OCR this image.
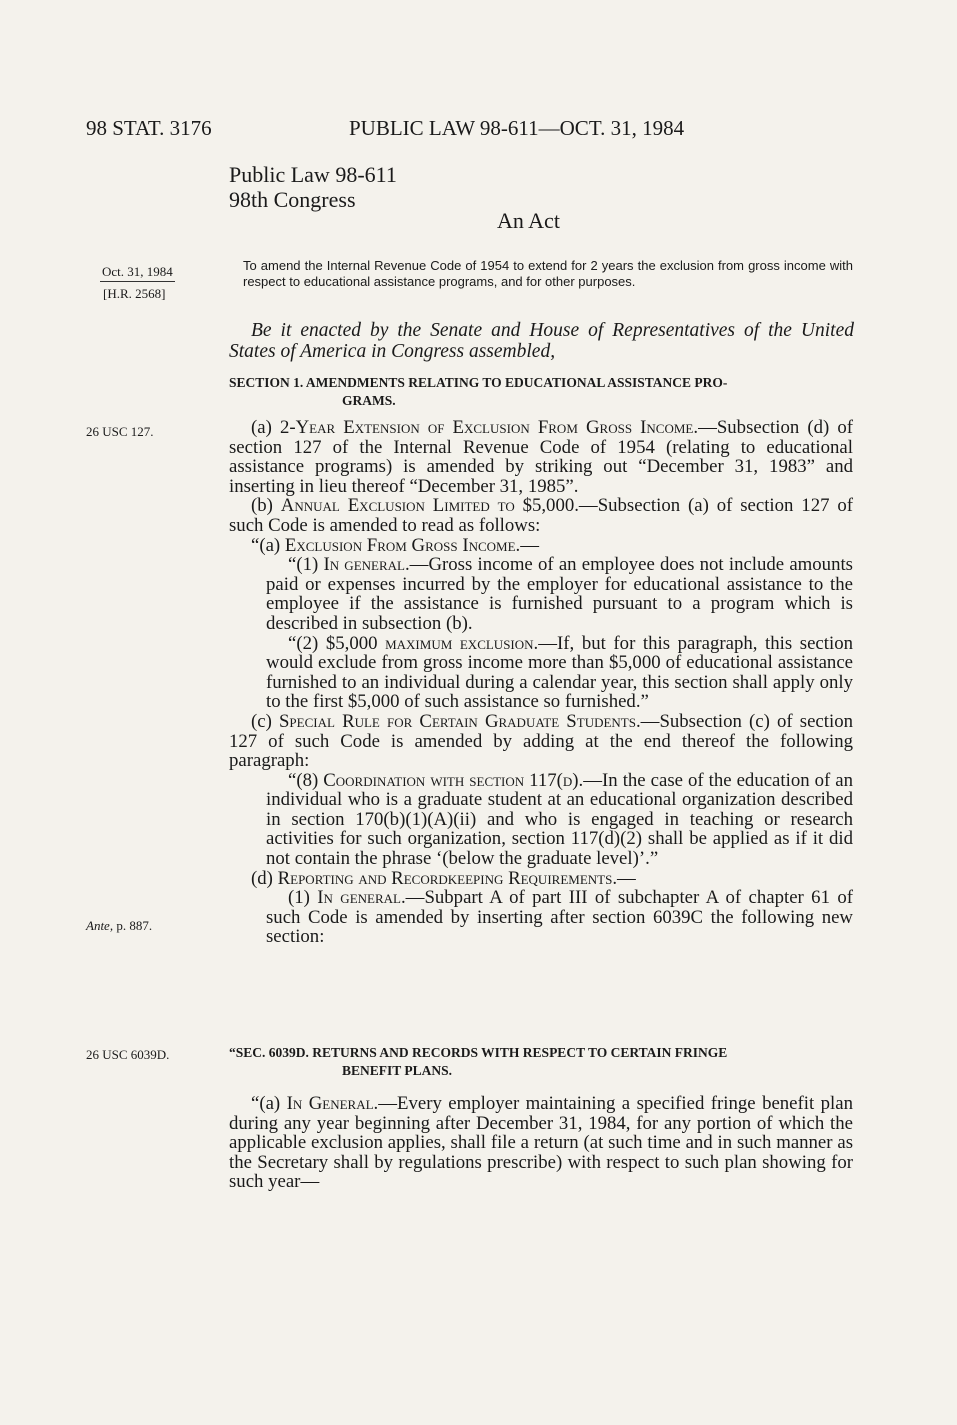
98 STAT. 3176	PUBLIC LAW 98-611—OCT. 31, 1984
Public Law 98-611
98th Congress
An Act
Oct. 31, 1984
[H.R. 2568]
To amend the Internal Revenue Code of 1954 to extend for 2 years the exclusion from gross income with respect to educational assistance programs, and for other purposes.
Be it enacted by the Senate and House of Representatives of the United States of America in Congress assembled,
SECTION 1. AMENDMENTS RELATING TO EDUCATIONAL ASSISTANCE PRO-
GRAMS.
26 USC 127.	(a) 2-Year Extension of Exclusion From Gross Income.—Subsection (d) of section 127 of the Internal Revenue Code of 1954 (relating to educational assistance programs) is amended by striking out “December 31, 1983” and inserting in lieu thereof “December 31, 1985”.

(b) Annual Exclusion Limited to $5,000.—Subsection (a) of section 127 of such Code is amended to read as follows:

“(a) Exclusion From Gross Income.—

“(1) In general.—Gross income of an employee does not include amounts paid or expenses incurred by the employer for educational assistance to the employee if the assistance is furnished pursuant to a program which is described in subsection (b).

“(2) $5,000 maximum exclusion.—If, but for this paragraph, this section would exclude from gross income more than $5,000 of educational assistance furnished to an individual during a calendar year, this section shall apply only to the first $5,000 of such assistance so furnished.”

(c) Special Rule for Certain Graduate Students.—Subsection (c) of section 127 of such Code is amended by adding at the end thereof the following paragraph:

“(8) Coordination with section 117(d).—In the case of the education of an individual who is a graduate student at an educational organization described in section 170(b)(1)(A)(ii) and who is engaged in teaching or research activities for such organization, section 117(d)(2) shall be applied as if it did not contain the phrase ‘(below the graduate level)’.”

(d) Reporting and Recordkeeping Requirements.—

(1) In general.—Subpart A of part III of subchapter A of chapter 61 of such Code is amended by inserting after section 6039C the following new section:

Ante, p. 887.
26 USC 6039D.	“SEC. 6039D. RETURNS AND RECORDS WITH RESPECT TO CERTAIN FRINGE
BENEFIT PLANS.

“(a) In General.—Every employer maintaining a specified fringe benefit plan during any year beginning after December 31, 1984, for any portion of which the applicable exclusion applies, shall file a return (at such time and in such manner as the Secretary shall by regulations prescribe) with respect to such plan showing for such year—
